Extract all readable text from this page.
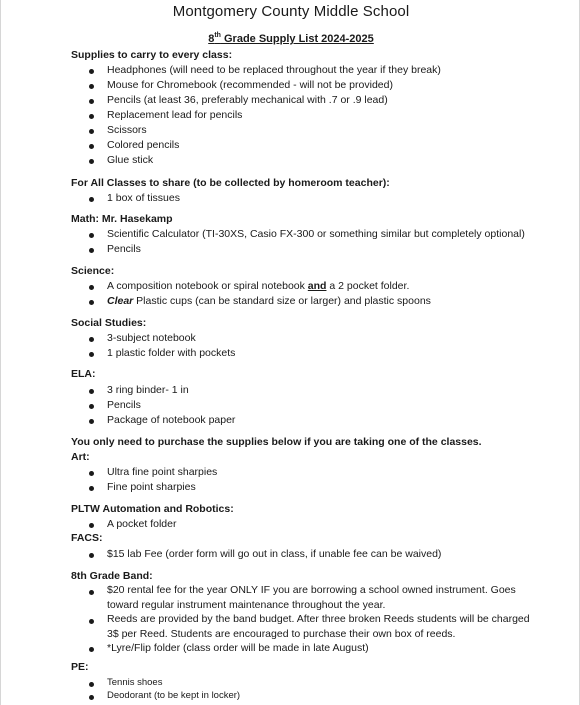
Montgomery County Middle School
8th Grade Supply List 2024-2025
Supplies to carry to every class:
Headphones (will need to be replaced throughout the year if they break)
Mouse for Chromebook (recommended - will not be provided)
Pencils (at least 36, preferably mechanical with .7 or .9 lead)
Replacement lead for pencils
Scissors
Colored pencils
Glue stick
For All Classes to share (to be collected by homeroom teacher):
1 box of tissues
Math: Mr. Hasekamp
Scientific Calculator (TI-30XS, Casio FX-300 or something similar but completely optional)
Pencils
Science:
A composition notebook or spiral notebook and a 2 pocket folder.
Clear Plastic cups (can be standard size or larger) and plastic spoons
Social Studies:
3-subject notebook
1 plastic folder with pockets
ELA:
3 ring binder- 1 in
Pencils
Package of notebook paper
You only need to purchase the supplies below if you are taking one of the classes.
Art:
Ultra fine point sharpies
Fine point sharpies
PLTW Automation and Robotics:
A pocket folder
FACS:
$15 lab Fee (order form will go out in class, if unable fee can be waived)
8th Grade Band:
$20 rental fee for the year ONLY IF you are borrowing a school owned instrument. Goes toward regular instrument maintenance throughout the year.
Reeds are provided by the band budget. After three broken Reeds students will be charged 3$ per Reed. Students are encouraged to purchase their own box of reeds.
*Lyre/Flip folder (class order will be made in late August)
PE:
Tennis shoes
Deodorant (to be kept in locker)
